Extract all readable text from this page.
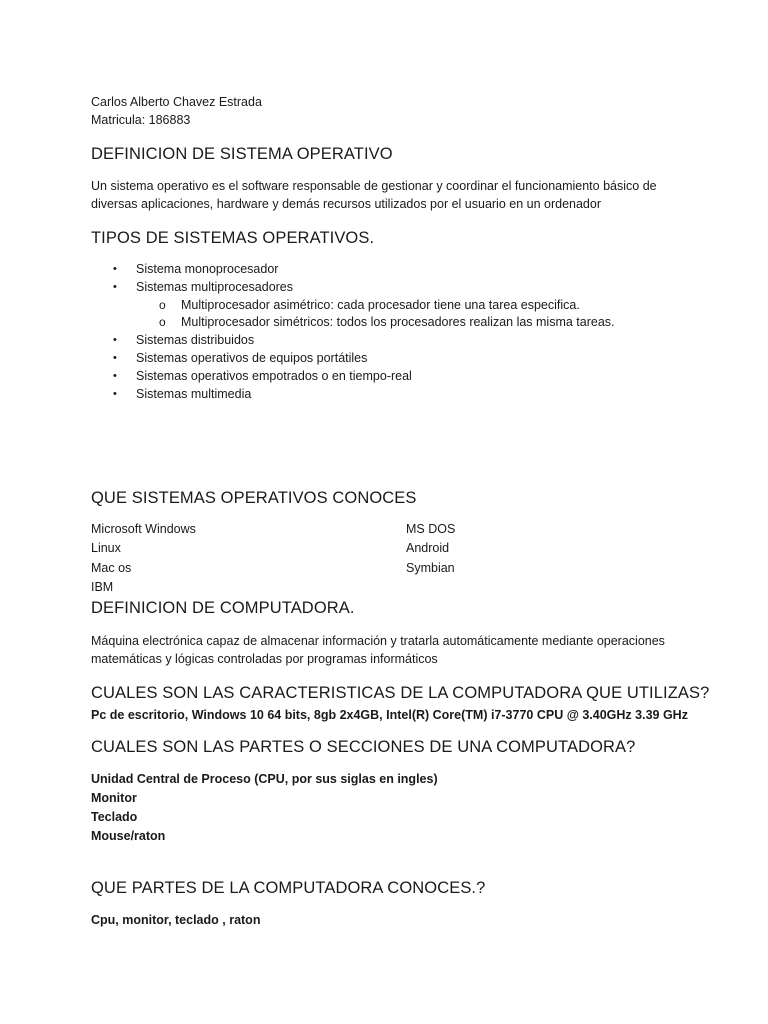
Carlos Alberto Chavez Estrada
Matricula: 186883
DEFINICION DE SISTEMA OPERATIVO
Un sistema operativo es el software responsable de gestionar y coordinar el funcionamiento básico de diversas aplicaciones, hardware y demás recursos utilizados por el usuario en un ordenador
TIPOS DE SISTEMAS OPERATIVOS.
• Sistema monoprocesador
• Sistemas multiprocesadores
o Multiprocesador asimétrico: cada procesador tiene una tarea especifica.
o Multiprocesador simétricos: todos los procesadores realizan las misma tareas.
• Sistemas distribuidos
• Sistemas operativos de equipos portátiles
• Sistemas operativos empotrados o en tiempo-real
• Sistemas multimedia
QUE SISTEMAS OPERATIVOS CONOCES
Microsoft Windows
Linux
Mac os
IBM
MS DOS
Android
Symbian
DEFINICION DE COMPUTADORA.
Máquina electrónica capaz de almacenar información y tratarla automáticamente mediante operaciones matemáticas y lógicas controladas por programas informáticos
CUALES SON LAS CARACTERISTICAS DE LA COMPUTADORA QUE UTILIZAS?
Pc de escritorio, Windows 10 64 bits, 8gb 2x4GB, Intel(R) Core(TM) i7-3770 CPU @ 3.40GHz 3.39 GHz
CUALES SON LAS PARTES O SECCIONES DE UNA COMPUTADORA?
Unidad Central de Proceso (CPU, por sus siglas en ingles)
Monitor
Teclado
Mouse/raton
QUE PARTES DE LA COMPUTADORA CONOCES.?
Cpu, monitor, teclado , raton
